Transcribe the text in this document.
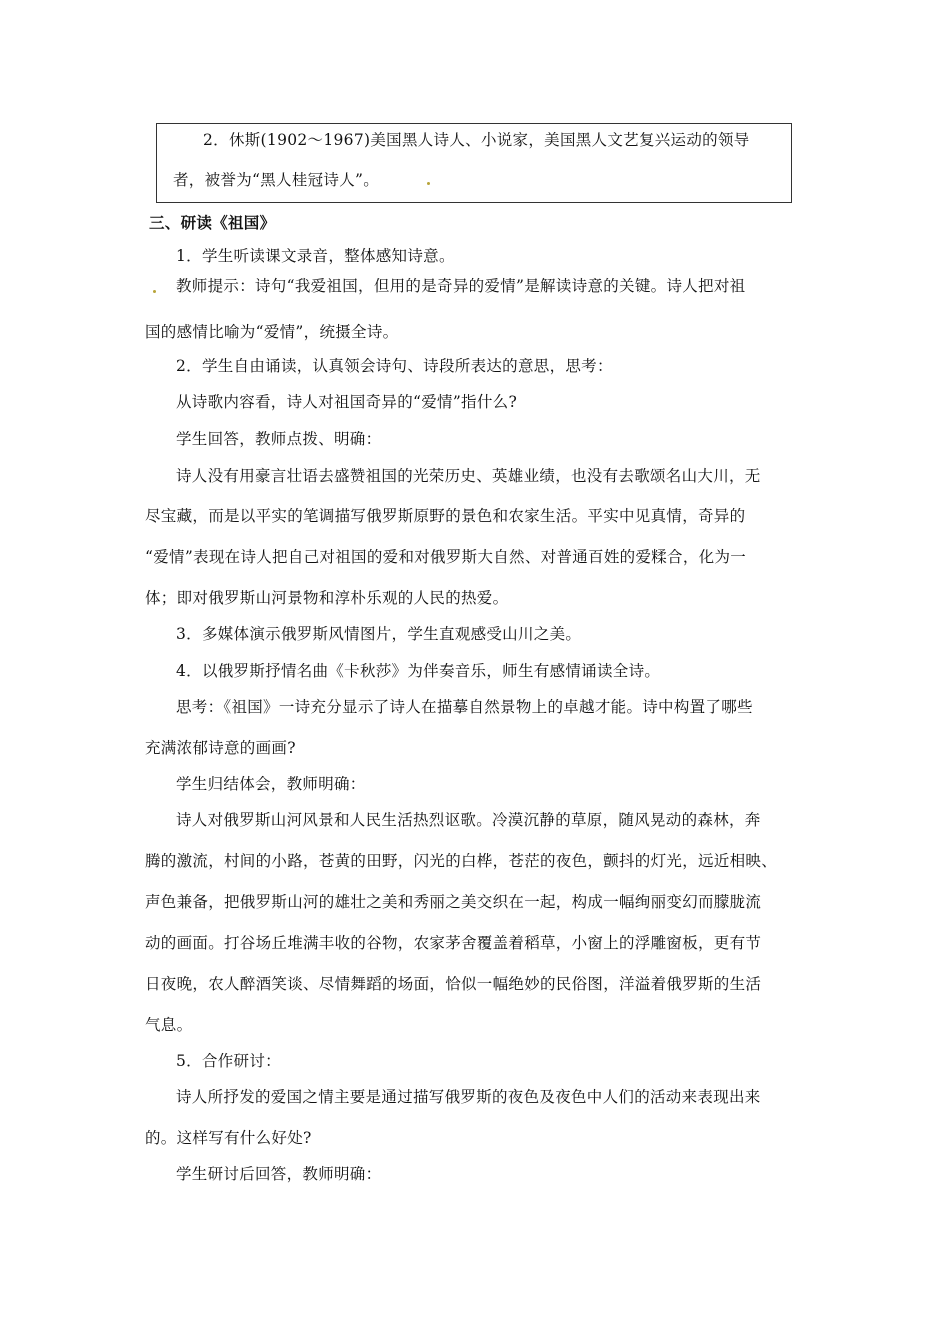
2．休斯(1902～1967)美国黑人诗人、小说家，美国黑人文艺复兴运动的领导
者，被誉为“黑人桂冠诗人”。
三、研读《祖国》
1．学生听读课文录音，整体感知诗意。
教师提示：诗句“我爱祖国，但用的是奇异的爱情”是解读诗意的关键。诗人把对祖
国的感情比喻为“爱情”，统摄全诗。
2．学生自由诵读，认真领会诗句、诗段所表达的意思，思考：
从诗歌内容看，诗人对祖国奇异的“爱情”指什么?
学生回答，教师点拨、明确：
诗人没有用豪言壮语去盛赞祖国的光荣历史、英雄业绩，也没有去歌颂名山大川，无
尽宝藏，而是以平实的笔调描写俄罗斯原野的景色和农家生活。平实中见真情，奇异的
“爱情”表现在诗人把自己对祖国的爱和对俄罗斯大自然、对普通百姓的爱糅合，化为一
体；即对俄罗斯山河景物和淳朴乐观的人民的热爱。
3．多媒体演示俄罗斯风情图片，学生直观感受山川之美。
4．以俄罗斯抒情名曲《卡秋莎》为伴奏音乐，师生有感情诵读全诗。
思考：《祖国》一诗充分显示了诗人在描摹自然景物上的卓越才能。诗中构置了哪些
充满浓郁诗意的画画?
学生归结体会，教师明确：
诗人对俄罗斯山河风景和人民生活热烈讴歌。冷漠沉静的草原，随风晃动的森林，奔
腾的激流，村间的小路，苍黄的田野，闪光的白桦，苍茫的夜色，颤抖的灯光，远近相映、
声色兼备，把俄罗斯山河的雄壮之美和秀丽之美交织在一起，构成一幅绚丽变幻而朦胧流
动的画面。打谷场丘堆满丰收的谷物，农家茅舍覆盖着稻草，小窗上的浮雕窗板，更有节
日夜晚，农人醉酒笑谈、尽情舞蹈的场面，恰似一幅绝妙的民俗图，洋溢着俄罗斯的生活
气息。
5．合作研讨：
诗人所抒发的爱国之情主要是通过描写俄罗斯的夜色及夜色中人们的活动来表现出来
的。这样写有什么好处?
学生研讨后回答，教师明确：
